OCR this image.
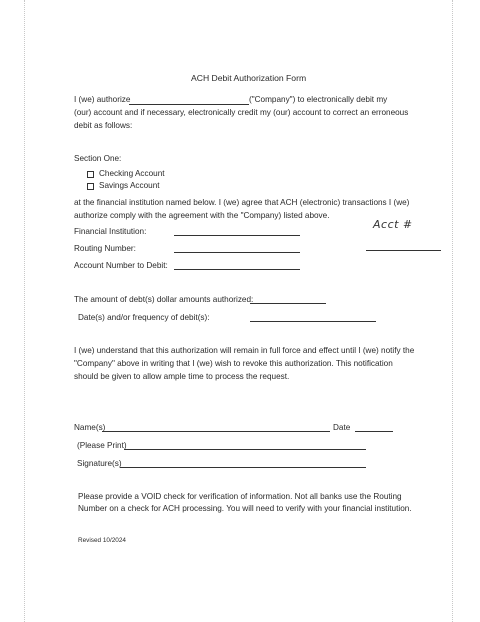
ACH Debit Authorization Form
I (we) authorize	("Company") to electronically debit my
(our) account and if necessary, electronically credit my (our) account to correct an erroneous
debit as follows:
Section One:
Checking Account
Savings Account
at the financial institution named below. I (we) agree that ACH (electronic) transactions I (we)
authorize comply with the agreement with the "Company) listed above.
Financial Institution:
Acct #
Routing Number:
Account Number to Debit:
The amount of debt(s) dollar amounts authorized:
Date(s) and/or frequency of debit(s):
I (we) understand that this authorization will remain in full force and effect until I (we) notify the
"Company" above in writing that I (we) wish to revoke this authorization. This notification
should be given to allow ample time to process the request.
Name(s)	Date
(Please Print)
Signature(s)
Please provide a VOID check for verification of information. Not all banks use the Routing
Number on a check for ACH processing. You will need to verify with your financial institution.
Revised 10/2024
